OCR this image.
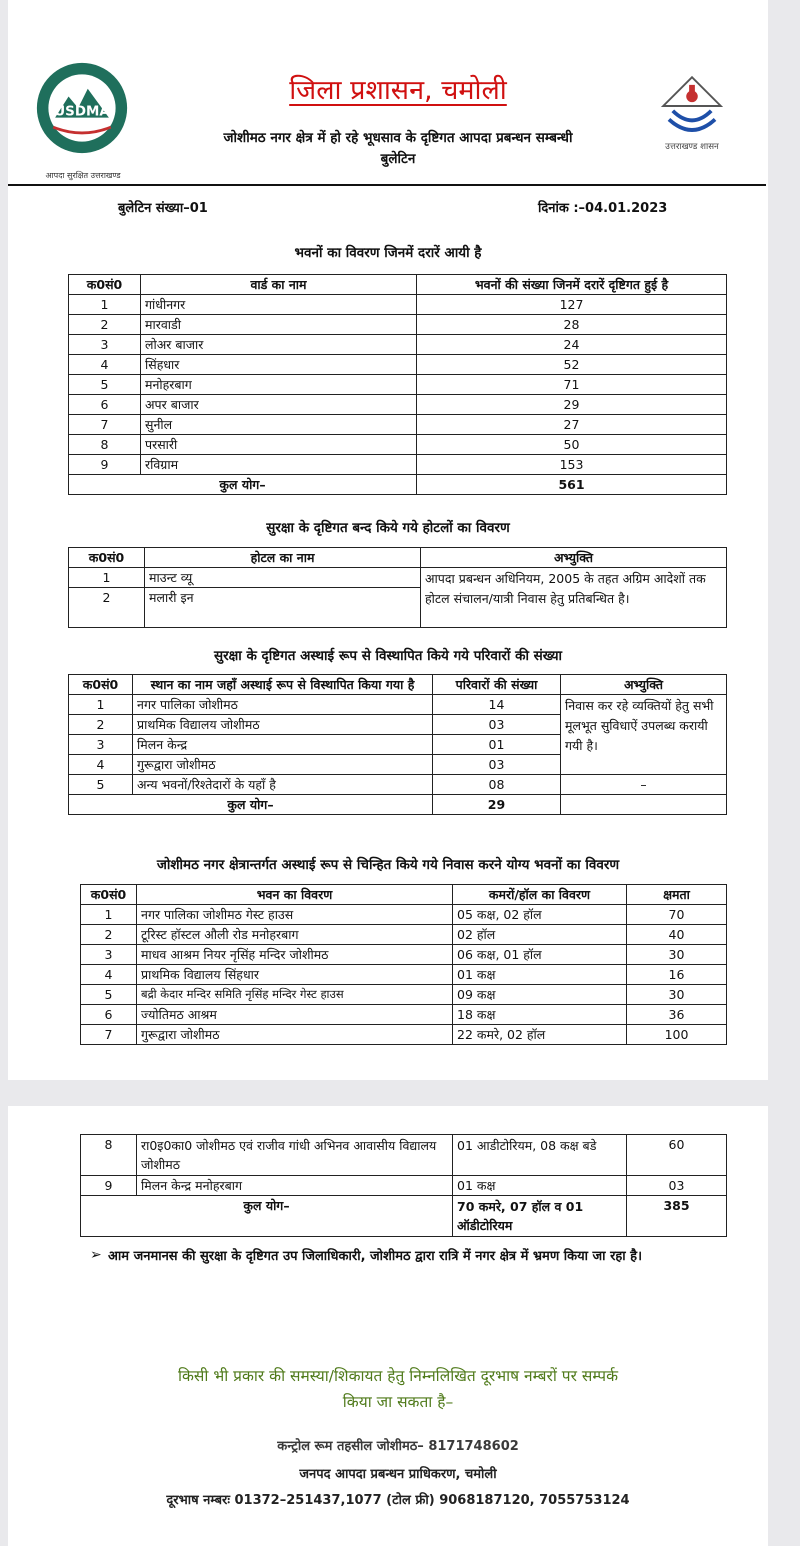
USDMA
आपदा सुरक्षित उत्तराखण्ड
उत्तराखण्ड शासन
जिला प्रशासन, चमोली
जोशीमठ नगर क्षेत्र में हो रहे भूधसाव के दृष्टिगत आपदा प्रबन्धन सम्बन्धी
बुलेटिन
बुलेटिन संख्या–01	दिनांक :–04.01.2023
भवनों का विवरण जिनमें दरारें आयी है
क0सं0	वार्ड का नाम	भवनों की संख्या जिनमें दरारें दृष्टिगत हुई है
1	गांधीनगर	127
2	मारवाडी	28
3	लोअर बाजार	24
4	सिंहधार	52
5	मनोहरबाग	71
6	अपर बाजार	29
7	सुनील	27
8	परसारी	50
9	रविग्राम	153
कुल योग–		561
सुरक्षा के दृष्टिगत बन्द किये गये होटलों का विवरण
क0सं0	होटल का नाम	अभ्युक्ति
1	माउन्ट व्यू	आपदा प्रबन्धन अधिनियम, 2005 के तहत अग्रिम आदेशों तक होटल संचालन/यात्री निवास हेतु प्रतिबन्धित है।
2	मलारी इन	
सुरक्षा के दृष्टिगत अस्थाई रूप से विस्थापित किये गये परिवारों की संख्या
क0सं0	स्थान का नाम जहाँ अस्थाई रूप से विस्थापित किया गया है	परिवारों की संख्या	अभ्युक्ति
1	नगर पालिका जोशीमठ	14	निवास कर रहे व्यक्तियों हेतु सभी मूलभूत सुविधाऐं उपलब्ध करायी गयी है।
2	प्राथमिक विद्यालय जोशीमठ	03	
3	मिलन केन्द्र	01	
4	गुरूद्वारा जोशीमठ	03	
5	अन्य भवनों/रिश्तेदारों के यहाँ है	08	–
कुल योग–		29	
जोशीमठ नगर क्षेत्रान्तर्गत अस्थाई रूप से चिन्हित किये गये निवास करने योग्य भवनों का विवरण
क0सं0	भवन का विवरण	कमरों/हॉल का विवरण	क्षमता
1	नगर पालिका जोशीमठ गेस्ट हाउस	05 कक्ष, 02 हॉल	70
2	टूरिस्ट हॉस्टल औली रोड मनोहरबाग	02 हॉल	40
3	माधव आश्रम नियर नृसिंह मन्दिर जोशीमठ	06 कक्ष, 01 हॉल	30
4	प्राथमिक विद्यालय सिंहधार	01 कक्ष	16
5	बद्री केदार मन्दिर समिति नृसिंह मन्दिर गेस्ट हाउस	09 कक्ष	30
6	ज्योतिमठ आश्रम	18 कक्ष	36
7	गुरूद्वारा जोशीमठ	22 कमरे, 02 हॉल	100
8	रा0इ0का0 जोशीमठ एवं राजीव गांधी अभिनव आवासीय विद्यालय जोशीमठ	01 आडीटोरियम, 08 कक्ष बडे	60
9	मिलन केन्द्र मनोहरबाग	01 कक्ष	03
कुल योग–		70 कमरे, 07 हॉल व 01 ऑडीटोरियम	385
➢ आम जनमानस की सुरक्षा के दृष्टिगत उप जिलाधिकारी, जोशीमठ द्वारा रात्रि में नगर क्षेत्र में भ्रमण किया जा रहा है।
किसी भी प्रकार की समस्या/शिकायत हेतु निम्नलिखित दूरभाष नम्बरों पर सम्पर्क
किया जा सकता है–
कन्ट्रोल रूम तहसील जोशीमठ– 8171748602
जनपद आपदा प्रबन्धन प्राधिकरण, चमोली
दूरभाष नम्बरः 01372–251437,1077 (टोल फ्री) 9068187120, 7055753124
